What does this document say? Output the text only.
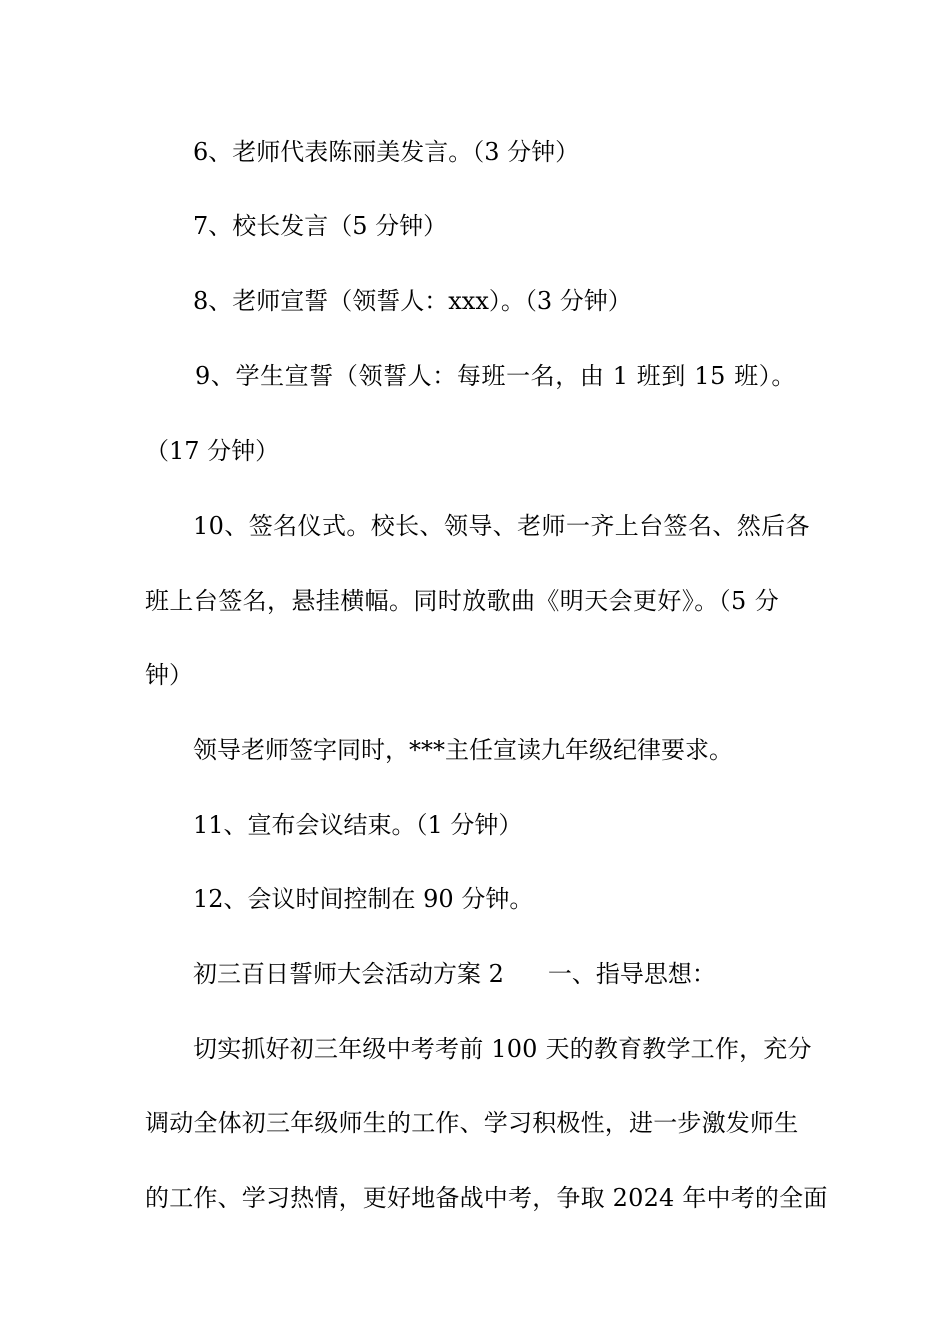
6、老师代表陈丽美发言。（3 分钟）
7、校长发言（5 分钟）
8、老师宣誓（领誓人：xxx）。（3 分钟）
9、学生宣誓（领誓人：每班一名，由 1 班到 15 班）。
（17 分钟）
10、签名仪式。校长、领导、老师一齐上台签名、然后各
班上台签名，悬挂横幅。同时放歌曲《明天会更好》。（5 分
钟）
领导老师签字同时，***主任宣读九年级纪律要求。
11、宣布会议结束。（1 分钟）
12、会议时间控制在 90 分钟。
初三百日誓师大会活动方案 2 一、指导思想：
切实抓好初三年级中考考前 100 天的教育教学工作，充分
调动全体初三年级师生的工作、学习积极性，进一步激发师生
的工作、学习热情，更好地备战中考，争取 2024 年中考的全面
